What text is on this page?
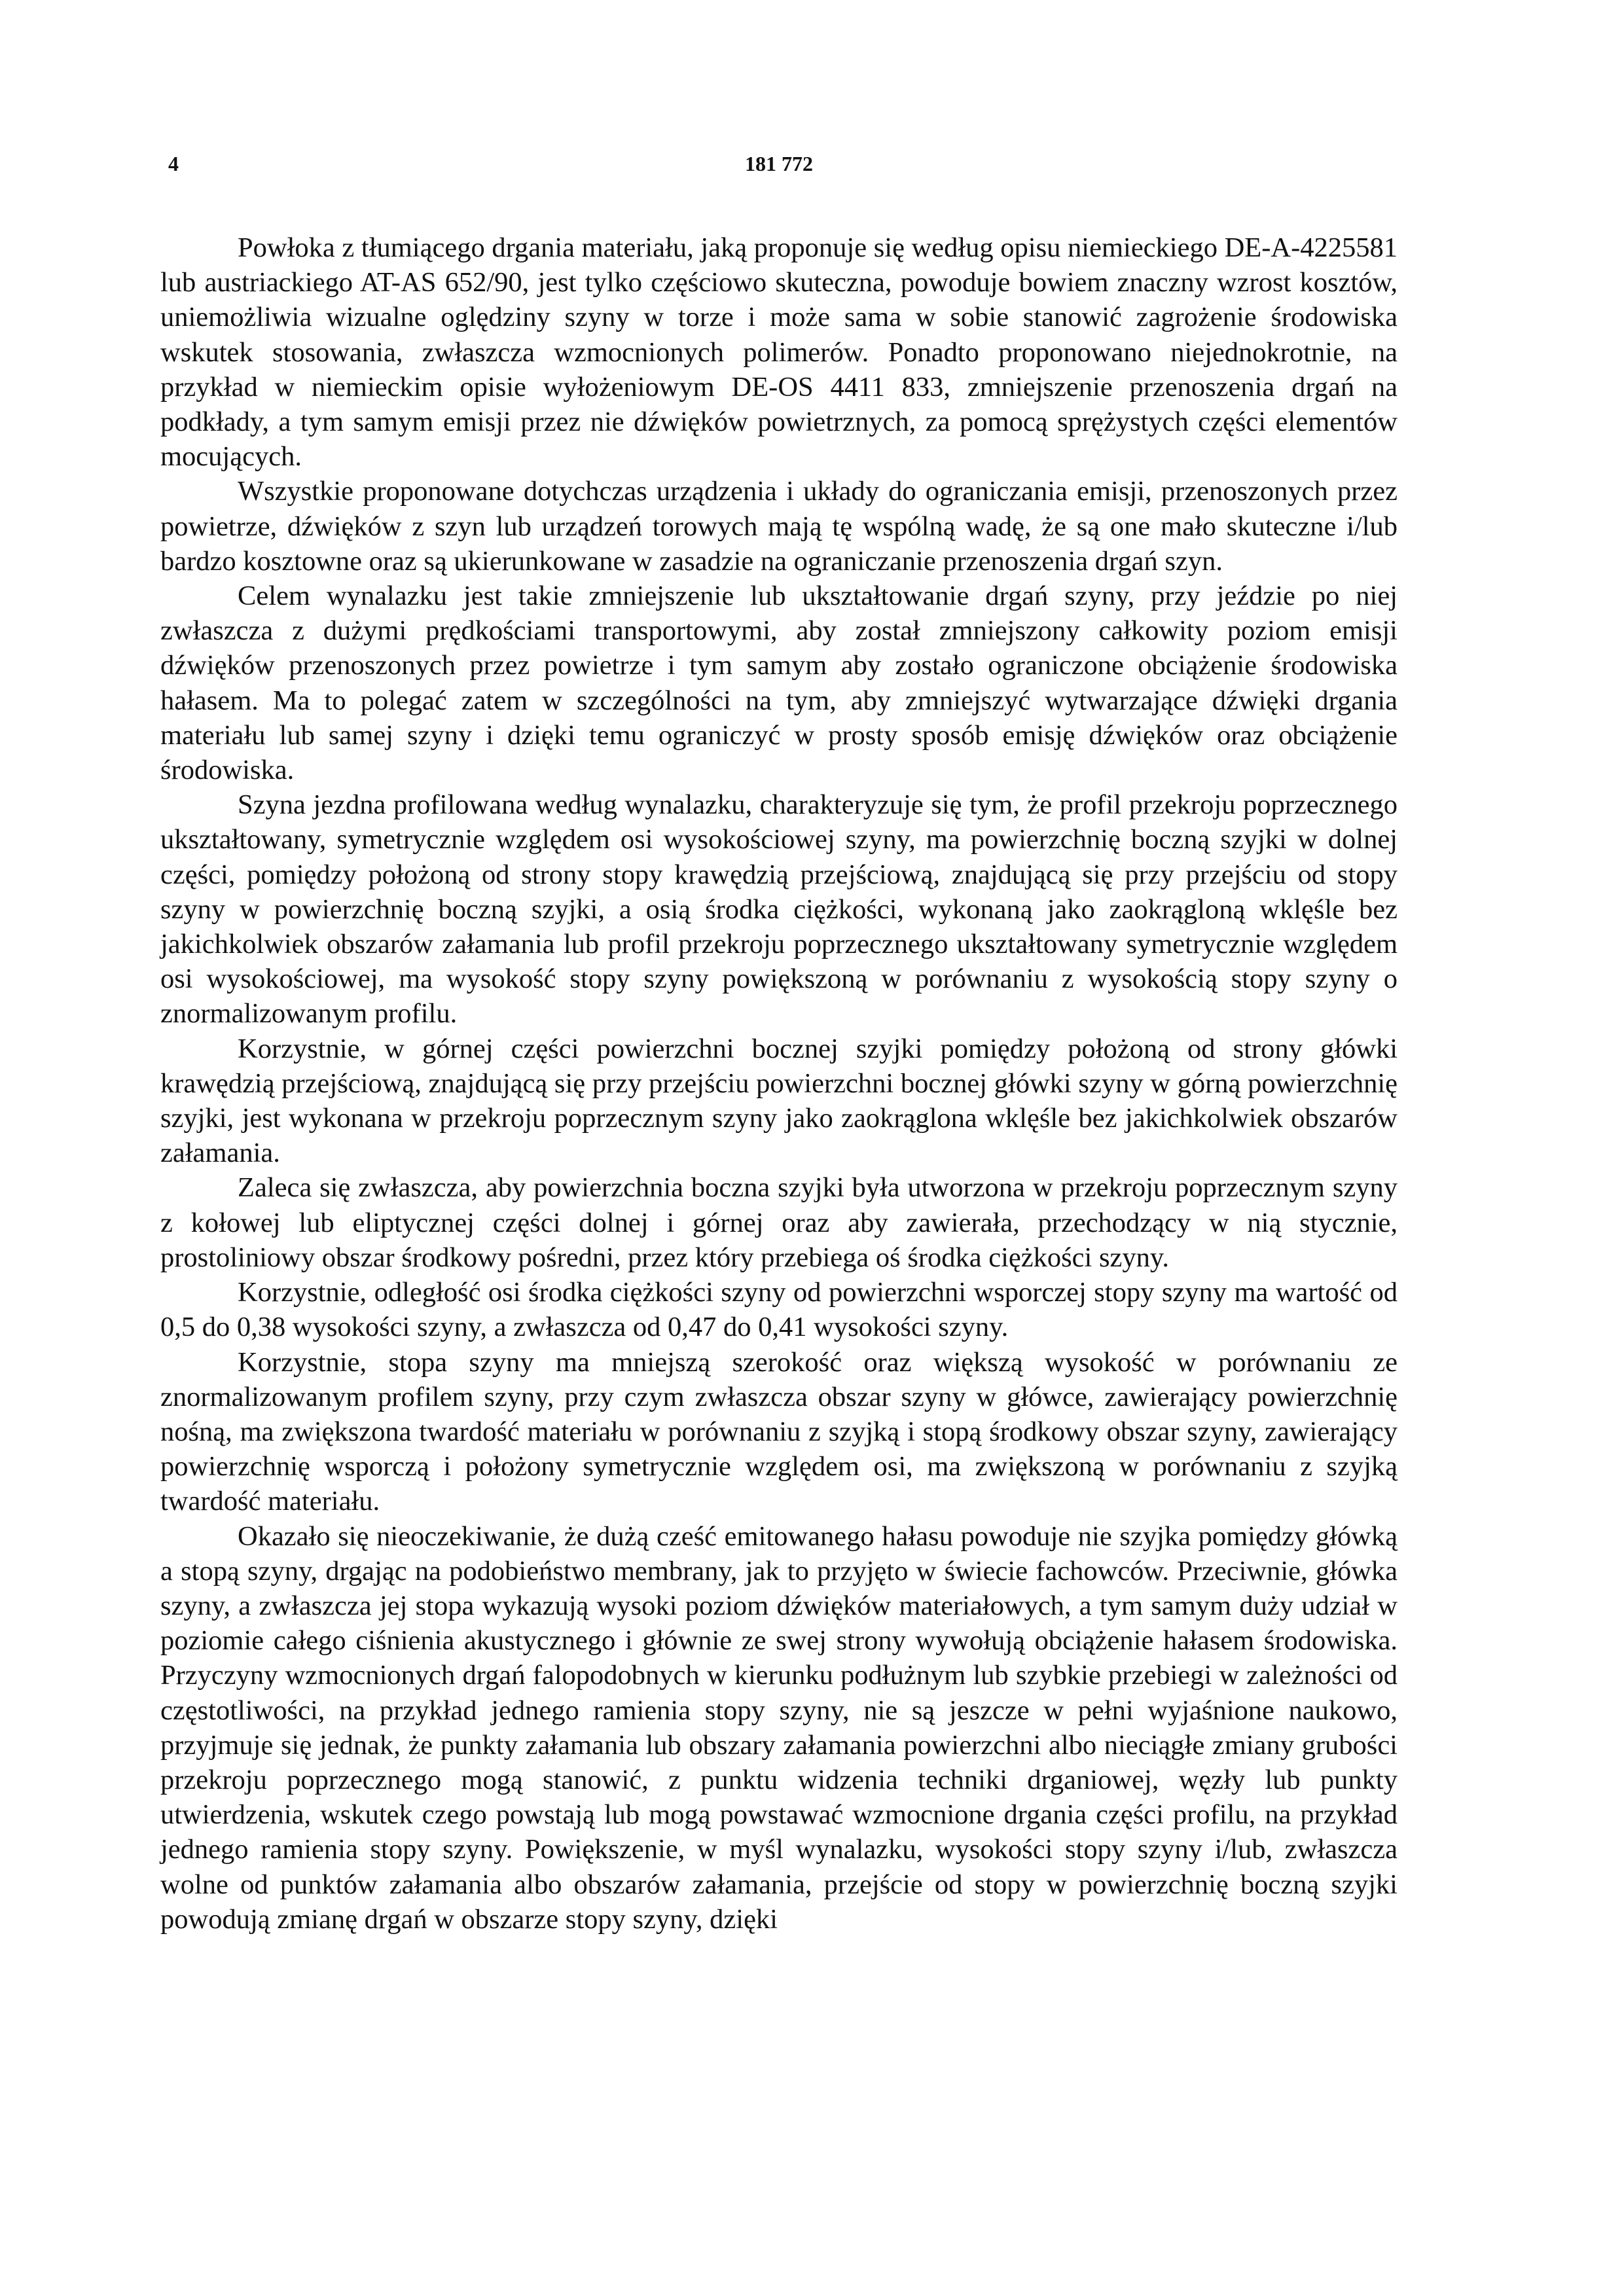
4	181 772

Powłoka z tłumiącego drgania materiału, jaką proponuje się według opisu niemieckiego DE-A-4225581 lub austriackiego AT-AS 652/90, jest tylko częściowo skuteczna, powoduje bowiem znaczny wzrost kosztów, uniemożliwia wizualne oględziny szyny w torze i może sama w sobie stanowić zagrożenie środowiska wskutek stosowania, zwłaszcza wzmocnionych polimerów. Ponadto proponowano niejednokrotnie, na przykład w niemieckim opisie wyłożeniowym DE-OS 4411 833, zmniejszenie przenoszenia drgań na podkłady, a tym samym emisji przez nie dźwięków powietrznych, za pomocą sprężystych części elementów mocujących.

Wszystkie proponowane dotychczas urządzenia i układy do ograniczania emisji, przenoszonych przez powietrze, dźwięków z szyn lub urządzeń torowych mają tę wspólną wadę, że są one mało skuteczne i/lub bardzo kosztowne oraz są ukierunkowane w zasadzie na ograniczanie przenoszenia drgań szyn.

Celem wynalazku jest takie zmniejszenie lub ukształtowanie drgań szyny, przy jeździe po niej zwłaszcza z dużymi prędkościami transportowymi, aby został zmniejszony całkowity poziom emisji dźwięków przenoszonych przez powietrze i tym samym aby zostało ograniczone obciążenie środowiska hałasem. Ma to polegać zatem w szczególności na tym, aby zmniejszyć wytwarzające dźwięki drgania materiału lub samej szyny i dzięki temu ograniczyć w prosty sposób emisję dźwięków oraz obciążenie środowiska.

Szyna jezdna profilowana według wynalazku, charakteryzuje się tym, że profil przekroju poprzecznego ukształtowany, symetrycznie względem osi wysokościowej szyny, ma powierzchnię boczną szyjki w dolnej części, pomiędzy położoną od strony stopy krawędzią przejściową, znajdującą się przy przejściu od stopy szyny w powierzchnię boczną szyjki, a osią środka ciężkości, wykonaną jako zaokrągloną wklęśle bez jakichkolwiek obszarów załamania lub profil przekroju poprzecznego ukształtowany symetrycznie względem osi wysokościowej, ma wysokość stopy szyny powiększoną w porównaniu z wysokością stopy szyny o znormalizowanym profilu.

Korzystnie, w górnej części powierzchni bocznej szyjki pomiędzy położoną od strony główki krawędzią przejściową, znajdującą się przy przejściu powierzchni bocznej główki szyny w górną powierzchnię szyjki, jest wykonana w przekroju poprzecznym szyny jako zaokrąglona wklęśle bez jakichkolwiek obszarów załamania.

Zaleca się zwłaszcza, aby powierzchnia boczna szyjki była utworzona w przekroju poprzecznym szyny z kołowej lub eliptycznej części dolnej i górnej oraz aby zawierała, przechodzący w nią stycznie, prostoliniowy obszar środkowy pośredni, przez który przebiega oś środka ciężkości szyny.

Korzystnie, odległość osi środka ciężkości szyny od powierzchni wsporczej stopy szyny ma wartość od 0,5 do 0,38 wysokości szyny, a zwłaszcza od 0,47 do 0,41 wysokości szyny.

Korzystnie, stopa szyny ma mniejszą szerokość oraz większą wysokość w porównaniu ze znormalizowanym profilem szyny, przy czym zwłaszcza obszar szyny w główce, zawierający powierzchnię nośną, ma zwiększona twardość materiału w porównaniu z szyjką i stopą środkowy obszar szyny, zawierający powierzchnię wsporczą i położony symetrycznie względem osi, ma zwiększoną w porównaniu z szyjką twardość materiału.

Okazało się nieoczekiwanie, że dużą cześć emitowanego hałasu powoduje nie szyjka pomiędzy główką a stopą szyny, drgając na podobieństwo membrany, jak to przyjęto w świecie fachowców. Przeciwnie, główka szyny, a zwłaszcza jej stopa wykazują wysoki poziom dźwięków materiałowych, a tym samym duży udział w poziomie całego ciśnienia akustycznego i głównie ze swej strony wywołują obciążenie hałasem środowiska. Przyczyny wzmocnionych drgań falopodobnych w kierunku podłużnym lub szybkie przebiegi w zależności od częstotliwości, na przykład jednego ramienia stopy szyny, nie są jeszcze w pełni wyjaśnione naukowo, przyjmuje się jednak, że punkty załamania lub obszary załamania powierzchni albo nieciągłe zmiany grubości przekroju poprzecznego mogą stanowić, z punktu widzenia techniki drganiowej, węzły lub punkty utwierdzenia, wskutek czego powstają lub mogą powstawać wzmocnione drgania części profilu, na przykład jednego ramienia stopy szyny. Powiększenie, w myśl wynalazku, wysokości stopy szyny i/lub, zwłaszcza wolne od punktów załamania albo obszarów załamania, przejście od stopy w powierzchnię boczną szyjki powodują zmianę drgań w obszarze stopy szyny, dzięki
